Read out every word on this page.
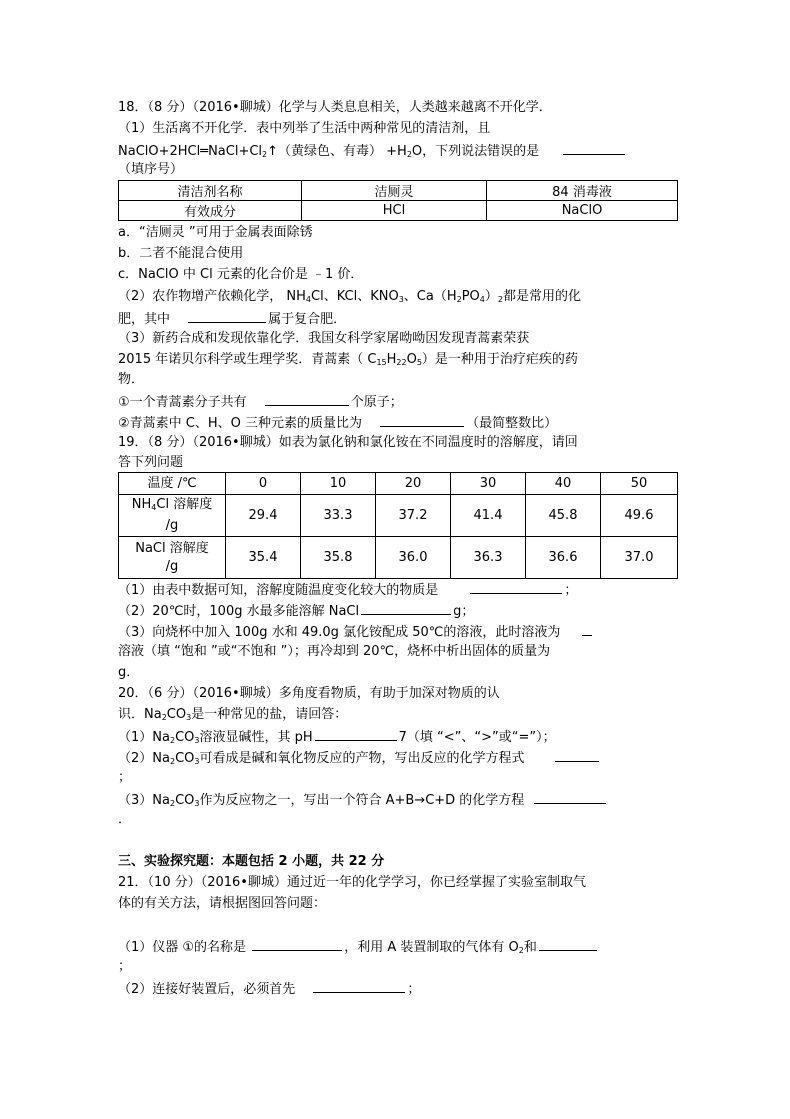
18．（8 分）（2016•聊城）化学与人类息息相关，人类越来越离不开化学．
（1）生活离不开化学．表中列举了生活中两种常见的清洁剂，且
$NaClO+2HCl═NaCl+Cl_2↑$（黄绿色、有毒） $+H_2O$，下列说法错误的是
（填序号）
清洁剂名称	洁厕灵	84 消毒液
有效成分	HCl	NaClO
a．“洁厕灵 ”可用于金属表面除锈
b．二者不能混合使用
c．NaClO 中 Cl 元素的化合价是 ﹣1 价．
（2）农作物增产依赖化学， $NH_4Cl$、KCl、$KNO_3$、$Ca(H_2PO_4)_2$都是常用的化
肥，其中	属于复合肥．
（3）新药合成和发现依靠化学．我国女科学家屠呦呦因发现青蒿素荣获
2015 年诺贝尔科学或生理学奖．青蒿素（ $C_{15}H_{22}O_5$）是一种用于治疗疟疾的药
物．
①一个青蒿素分子共有	个原子；
②青蒿素中 C、H、O 三种元素的质量比为	（最简整数比）
19．（8 分）（2016•聊城）如表为氯化钠和氯化铵在不同温度时的溶解度，请回
答下列问题
温度 /℃	0	10	20	30	40	50

$NH_4Cl$ 溶解度
/g	29.4	33.3	37.2	41.4	45.8	49.6

NaCl 溶解度
/g	35.4	35.8	36.0	36.3	36.6	37.0
（1）由表中数据可知，溶解度随温度变化较大的物质是	；
（2）20℃时，100g 水最多能溶解 NaCl	g；
（3）向烧杯中加入 100g 水和 49.0g 氯化铵配成 50℃的溶液，此时溶液为
溶液（填 “饱和 ”或“不饱和 ”）；再冷却到 20℃，烧杯中析出固体的质量为
g．
20．（6 分）（2016•聊城）多角度看物质，有助于加深对物质的认
识．$Na_2CO_3$是一种常见的盐，请回答：
$(1)Na_2CO_3$溶液显碱性，其 pH	7（填 “<”、“>”或“=”）；
$(2)Na_2CO_3$可看成是碱和氧化物反应的产物，写出反应的化学方程式
；
$(3)Na_2CO_3$作为反应物之一，写出一个符合 A+B→C+D 的化学方程
．
三、实验探究题：本题包括 2 小题，共 22 分
21．（10 分）（2016•聊城）通过近一年的化学学习，你已经掌握了实验室制取气
体的有关方法，请根据图回答问题：
（1）仪器 ①的名称是	，利用 A 装置制取的气体有 $O_2$和
；
（2）连接好装置后，必须首先	；
